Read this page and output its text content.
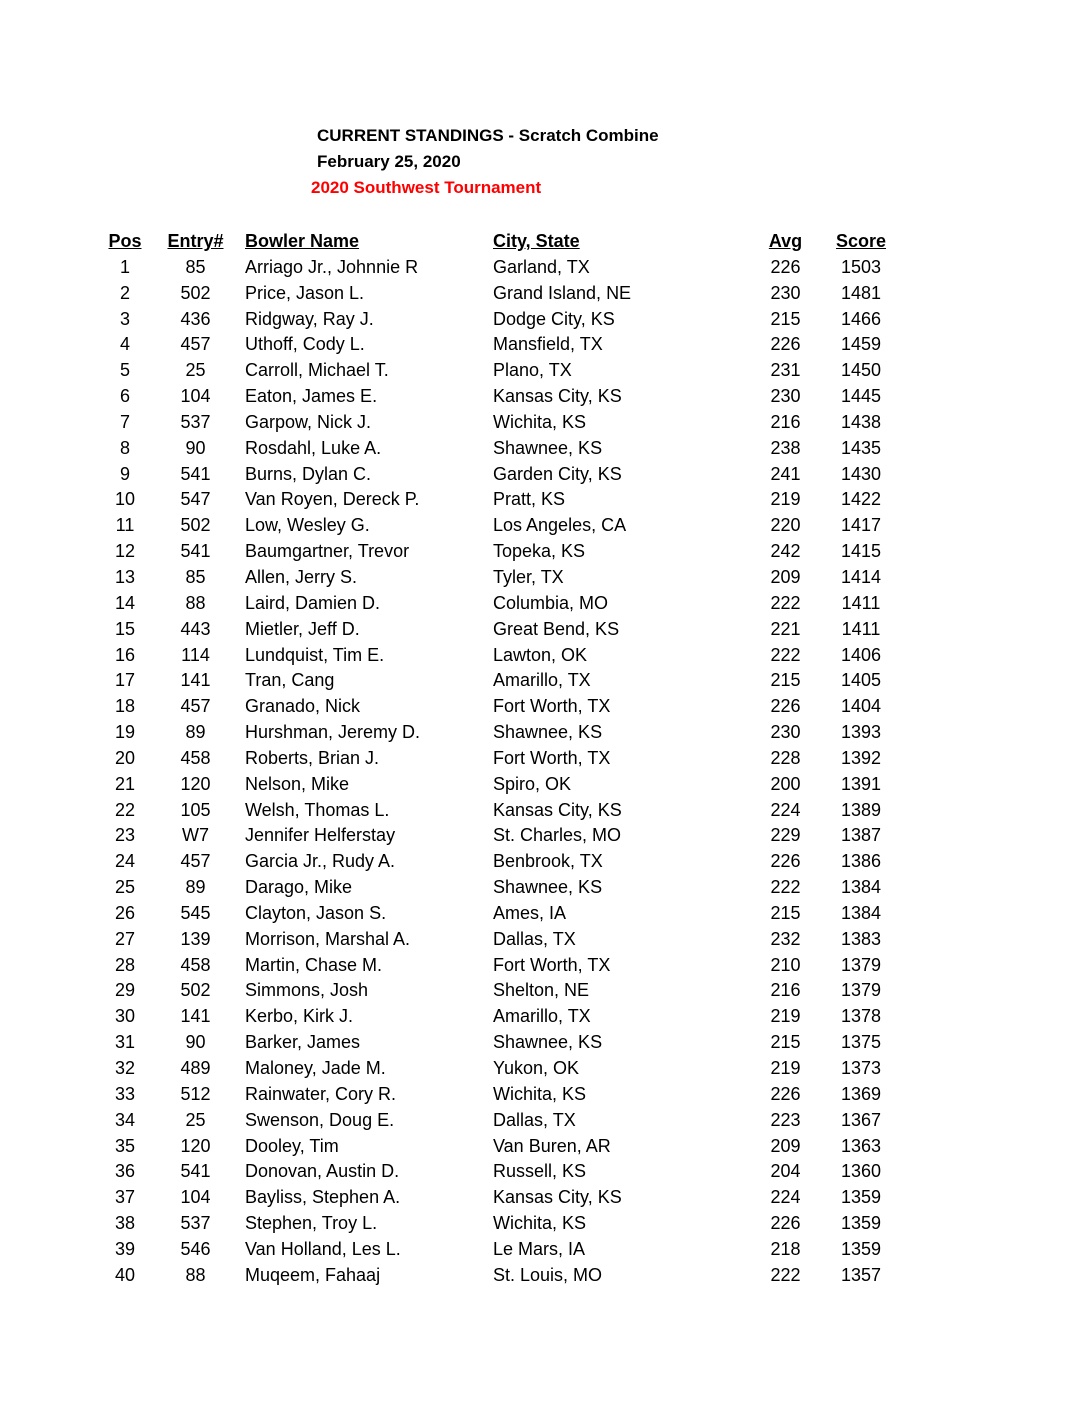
CURRENT STANDINGS - Scratch Combine
February 25, 2020
2020 Southwest Tournament
Pos	Entry#	Bowler Name	City, State	Avg	Score
1	85	Arriago Jr., Johnnie R	Garland, TX	226	1503
2	502	Price, Jason L.	Grand Island, NE	230	1481
3	436	Ridgway, Ray J.	Dodge City, KS	215	1466
4	457	Uthoff, Cody L.	Mansfield, TX	226	1459
5	25	Carroll, Michael T.	Plano, TX	231	1450
6	104	Eaton, James E.	Kansas City, KS	230	1445
7	537	Garpow, Nick J.	Wichita, KS	216	1438
8	90	Rosdahl, Luke A.	Shawnee, KS	238	1435
9	541	Burns, Dylan C.	Garden City, KS	241	1430
10	547	Van Royen, Dereck P.	Pratt, KS	219	1422
11	502	Low, Wesley G.	Los Angeles, CA	220	1417
12	541	Baumgartner, Trevor	Topeka, KS	242	1415
13	85	Allen, Jerry S.	Tyler, TX	209	1414
14	88	Laird, Damien D.	Columbia, MO	222	1411
15	443	Mietler, Jeff D.	Great Bend, KS	221	1411
16	114	Lundquist, Tim E.	Lawton, OK	222	1406
17	141	Tran, Cang	Amarillo, TX	215	1405
18	457	Granado, Nick	Fort Worth, TX	226	1404
19	89	Hurshman, Jeremy D.	Shawnee, KS	230	1393
20	458	Roberts, Brian J.	Fort Worth, TX	228	1392
21	120	Nelson, Mike	Spiro, OK	200	1391
22	105	Welsh, Thomas L.	Kansas City, KS	224	1389
23	W7	Jennifer Helferstay	St. Charles, MO	229	1387
24	457	Garcia Jr., Rudy A.	Benbrook, TX	226	1386
25	89	Darago, Mike	Shawnee, KS	222	1384
26	545	Clayton, Jason S.	Ames, IA	215	1384
27	139	Morrison, Marshal A.	Dallas, TX	232	1383
28	458	Martin, Chase M.	Fort Worth, TX	210	1379
29	502	Simmons, Josh	Shelton, NE	216	1379
30	141	Kerbo, Kirk J.	Amarillo, TX	219	1378
31	90	Barker, James	Shawnee, KS	215	1375
32	489	Maloney, Jade M.	Yukon, OK	219	1373
33	512	Rainwater, Cory R.	Wichita, KS	226	1369
34	25	Swenson, Doug E.	Dallas, TX	223	1367
35	120	Dooley, Tim	Van Buren, AR	209	1363
36	541	Donovan, Austin D.	Russell, KS	204	1360
37	104	Bayliss, Stephen A.	Kansas City, KS	224	1359
38	537	Stephen, Troy L.	Wichita, KS	226	1359
39	546	Van Holland, Les L.	Le Mars, IA	218	1359
40	88	Muqeem, Fahaaj	St. Louis, MO	222	1357
